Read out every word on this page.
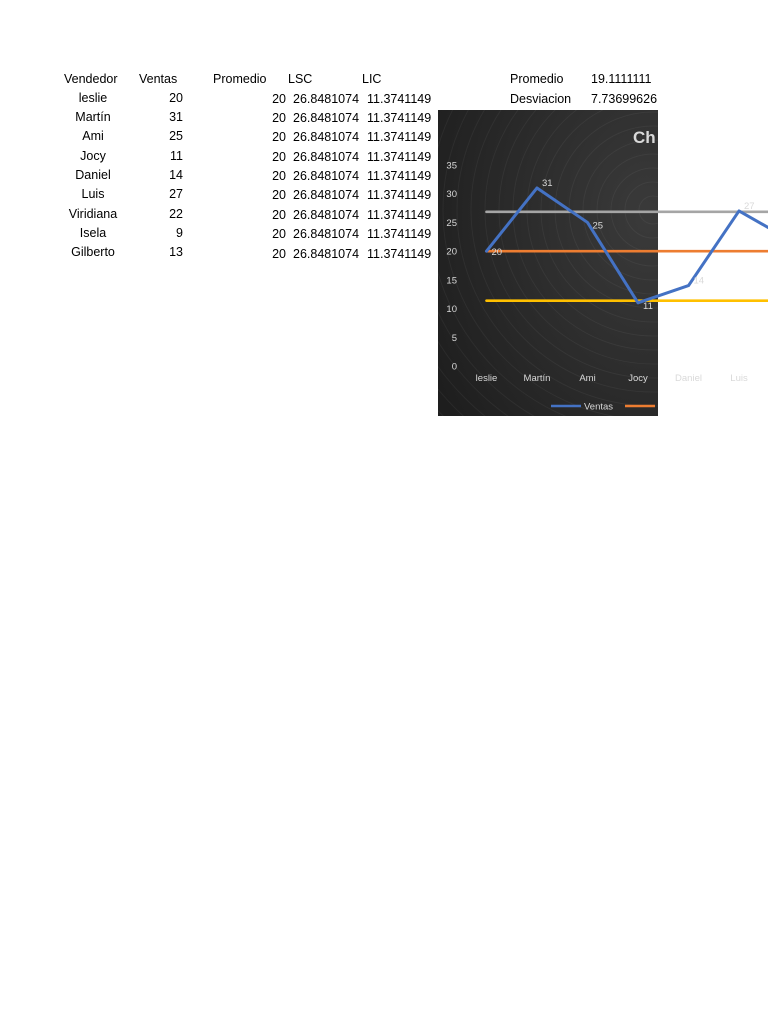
Vendedor Ventas	Promedio LSC	LIC
leslie	20	20 26.8481074 11.3741149
Martín	31	20 26.8481074 11.3741149
Ami	25	20 26.8481074 11.3741149
Jocy	11	20 26.8481074 11.3741149
Daniel	14	20 26.8481074 11.3741149
Luis	27	20 26.8481074 11.3741149
Viridiana	22	20 26.8481074 11.3741149
Isela	9	20 26.8481074 11.3741149
Gilberto	13	20 26.8481074 11.3741149
Promedio 19.1111111
Desviacion 7.73699626
Ch
0
5
10
15
20
25
30
35
leslie	Martín	Ami	Jocy	Daniel	Luis
20
31
25
11
14
27
Ventas
